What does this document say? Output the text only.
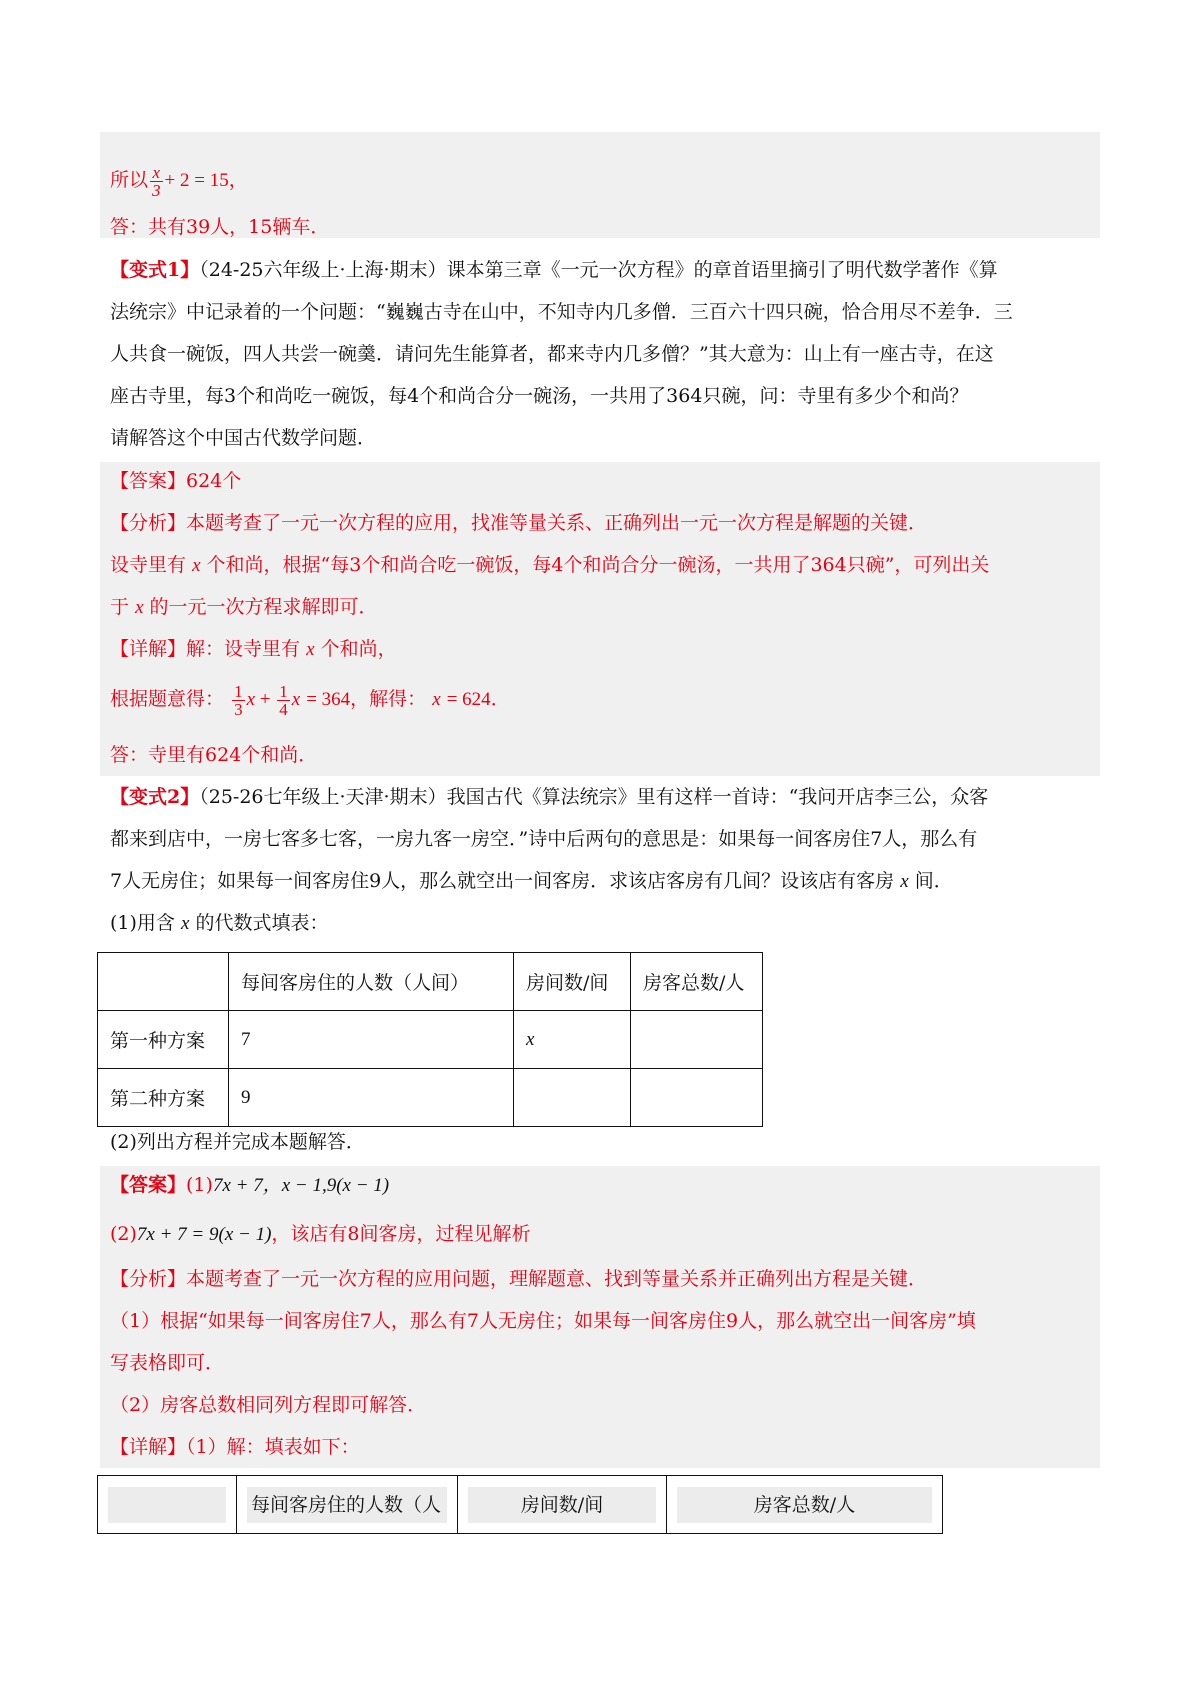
所以 $\frac{x}{3} + 2 = 15$，
答：共有39人，15辆车．
【变式1】（24-25六年级上·上海·期末）课本第三章《一元一次方程》的章首语里摘引了明代数学著作《算
法统宗》中记录着的一个问题：“巍巍古寺在山中，不知寺内几多僧．三百六十四只碗，恰合用尽不差争．三
人共食一碗饭，四人共尝一碗羹．请问先生能算者，都来寺内几多僧？”其大意为：山上有一座古寺，在这
座古寺里，每3个和尚吃一碗饭，每4个和尚合分一碗汤，一共用了364只碗，问：寺里有多少个和尚？
请解答这个中国古代数学问题．
【答案】624个
【分析】本题考查了一元一次方程的应用，找准等量关系、正确列出一元一次方程是解题的关键．
设寺里有 x 个和尚，根据“每3个和尚合吃一碗饭，每4个和尚合分一碗汤，一共用了364只碗”，可列出关
于 x 的一元一次方程求解即可．
【详解】解：设寺里有 x 个和尚，
根据题意得： $\frac{1}{3}$ $x + \frac{1}{4}$ x = 364，解得： x = 624．
答：寺里有624个和尚．
【变式2】（25-26七年级上·天津·期末）我国古代《算法统宗》里有这样一首诗：“我问开店李三公，众客
都来到店中，一房七客多七客，一房九客一房空．”诗中后两句的意思是：如果每一间客房住7人，那么有
7人无房住；如果每一间客房住9人，那么就空出一间客房．求该店客房有几间？设该店有客房 x 间．
(1)用含 x 的代数式填表：
	每间客房住的人数（人间）	房间数/间	房客总数/人
第一种方案	7	x	
第二种方案	9		
(2)列出方程并完成本题解答．
【答案】(1)7x + 7，x − 1,9(x − 1)
(2)7x + 7 = 9(x − 1)，该店有8间客房，过程见解析
【分析】本题考查了一元一次方程的应用问题，理解题意、找到等量关系并正确列出方程是关键．
（1）根据“如果每一间客房住7人，那么有7人无房住；如果每一间客房住9人，那么就空出一间客房”填
写表格即可．
（2）房客总数相同列方程即可解答．
【详解】（1）解：填表如下：

每间客房住的人数（人	房间数/间	房客总数/人
